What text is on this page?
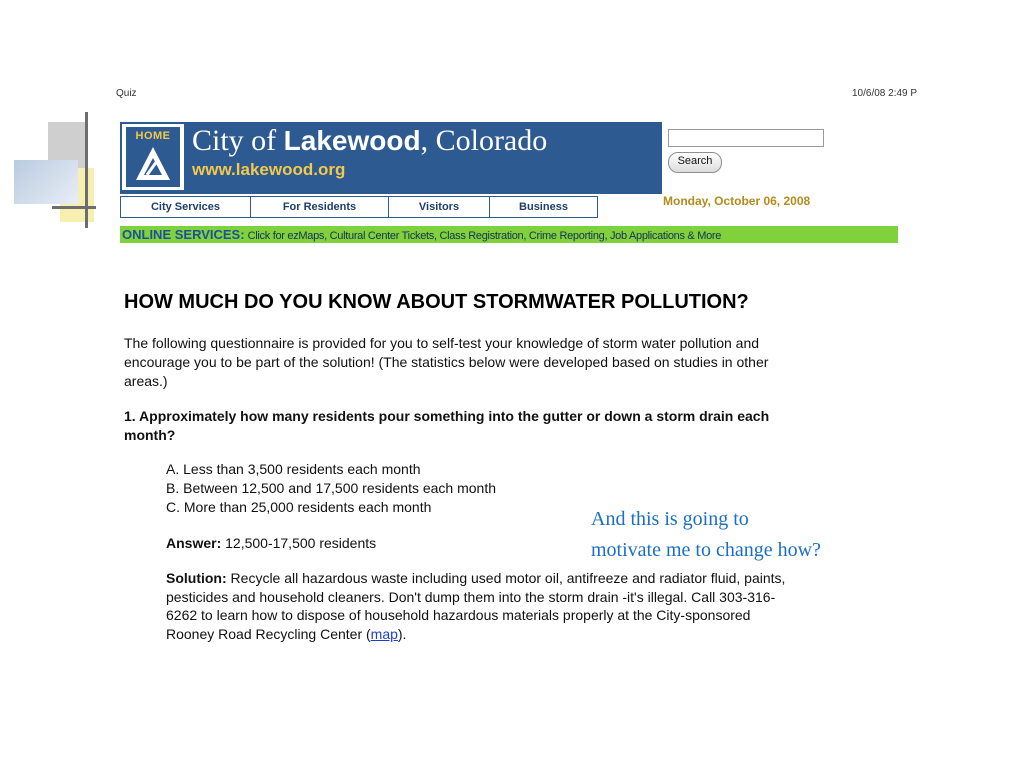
Quiz	10/6/08 2:49 P
HOME City of Lakewood, Colorado
www.lakewood.org	Search
Monday, October 06, 2008
City Services	For Residents	Visitors	Business
ONLINE SERVICES: Click for ezMaps, Cultural Center Tickets, Class Registration, Crime Reporting, Job Applications & More
HOW MUCH DO YOU KNOW ABOUT STORMWATER POLLUTION?

The following questionnaire is provided for you to self-test your knowledge of storm water pollution and encourage you to be part of the solution! (The statistics below were developed based on studies in other areas.)

1. Approximately how many residents pour something into the gutter or down a storm drain each month?

A. Less than 3,500 residents each month
B. Between 12,500 and 17,500 residents each month
C. More than 25,000 residents each month
Answer: 12,500-17,500 residents
Solution: Recycle all hazardous waste including used motor oil, antifreeze and radiator fluid, paints, pesticides and household cleaners. Don't dump them into the storm drain -it's illegal. Call 303-316-6262 to learn how to dispose of household hazardous materials properly at the City-sponsored Rooney Road Recycling Center (map).
And this is going to
motivate me to change how?
